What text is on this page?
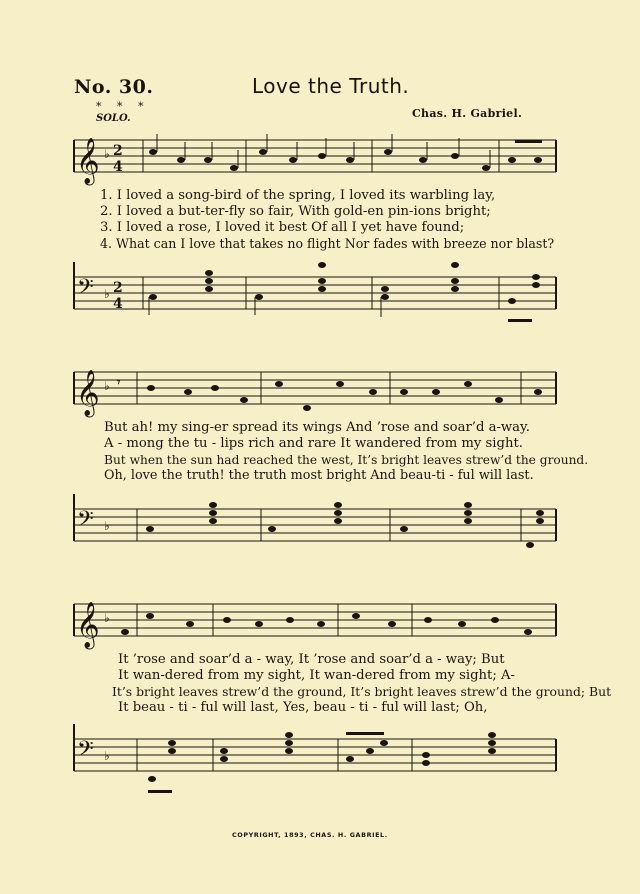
No. 30.	Love the Truth.
Chas. H. Gabriel.
* * *
SOLO.
𝄞 ♭ 2
4
1. I loved a song-bird of the spring, I loved its warbling lay,
2. I loved a but-ter-fly so fair, With gold-en pin-ions bright;
3. I loved a rose, I loved it best Of all I yet have found;
4. What can I love that takes no flight Nor fades with breeze nor blast?
𝄢 ♭ 2
4
𝄞 ♭ 𝄾
But ah! my sing-er spread its wings And ’rose and soar’d a-way.
A - mong the tu - lips rich and rare It wandered from my sight.
But when the sun had reached the west, It’s bright leaves strew’d the ground.
Oh, love the truth! the truth most bright And beau-ti - ful will last.
𝄢 ♭
𝄞 ♭
It ’rose and soar’d a - way, It ’rose and soar’d a - way; But
It wan-dered from my sight, It wan-dered from my sight; A-
It’s bright leaves strew’d the ground, It’s bright leaves strew’d the ground; But
It beau - ti - ful will last, Yes, beau - ti - ful will last; Oh,
𝄢 ♭
COPYRIGHT, 1893, CHAS. H. GABRIEL.
